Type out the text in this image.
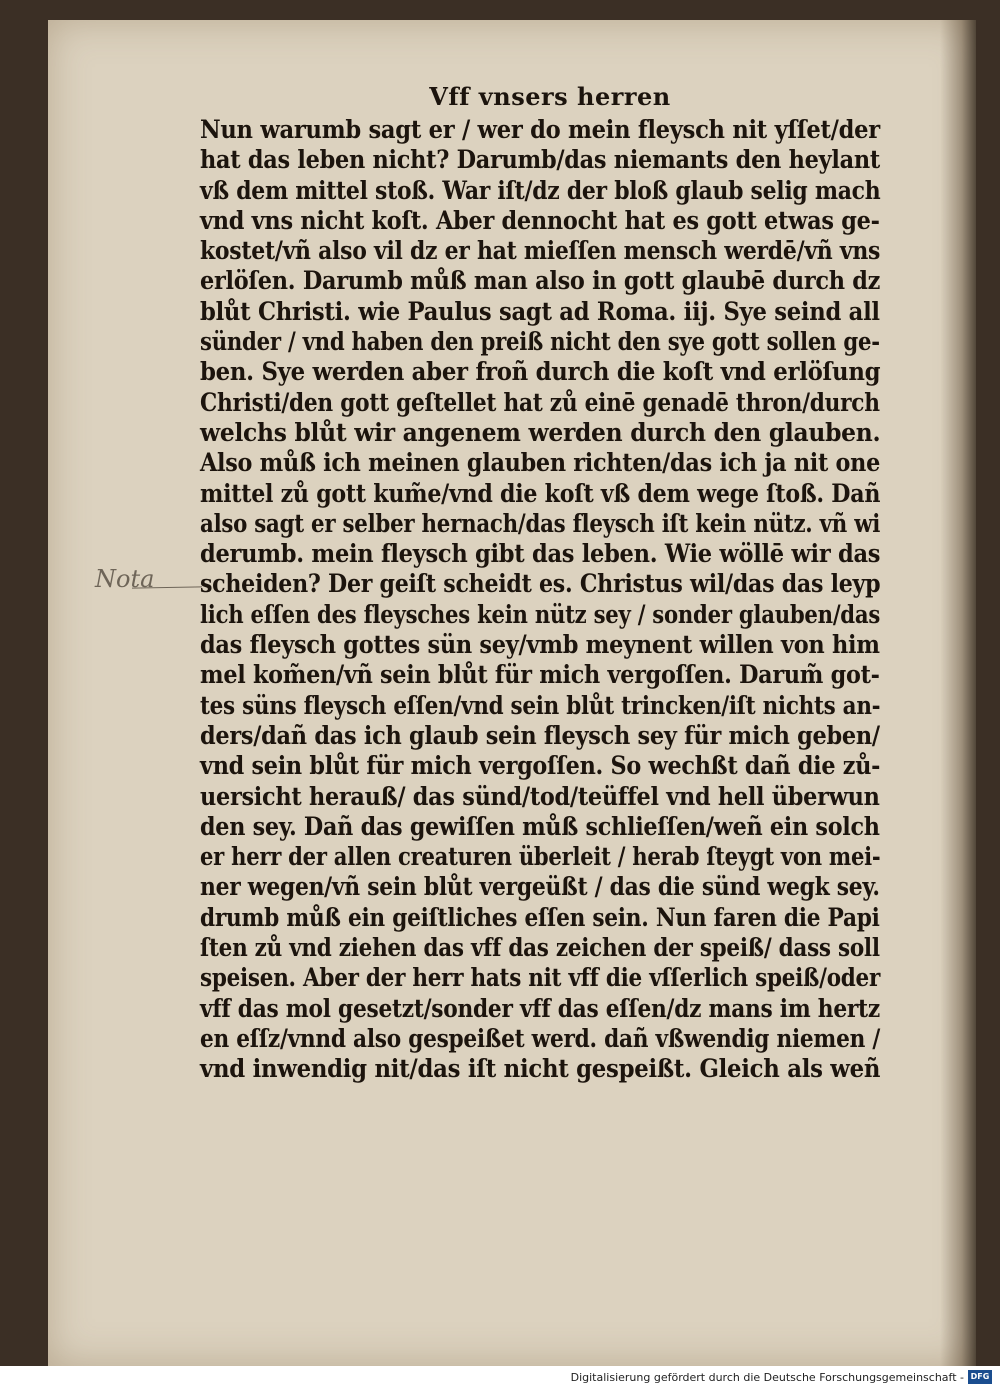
Nota
Vff vnsers herren
Nun warumb sagt er / wer do mein fleysch nit yſſet/der
hat das leben nicht? Darumb/das niemants den heylant
vß dem mittel stoß. War iſt/dz der bloß glaub selig mach
vnd vns nicht koſt. Aber dennocht hat es gott etwas ge-
kostet/vñ also vil dz er hat mieſſen mensch werdē/vñ vns
erlöſen. Darumb můß man also in gott glaubē durch dz
blůt Christi. wie Paulus sagt ad Roma. iij. Sye seind all
sünder / vnd haben den preiß nicht den sye gott sollen ge-
ben. Sye werden aber froñ durch die koſt vnd erlöſung
Christi/den gott geſtellet hat zů einē genadē thron/durch
welchs blůt wir angenem werden durch den glauben.
Also můß ich meinen glauben richten/das ich ja nit one
mittel zů gott kum̃e/vnd die koſt vß dem wege ſtoß. Dañ
also sagt er selber hernach/das fleysch iſt kein nütz. vñ wi
derumb. mein fleysch gibt das leben. Wie wöllē wir das
scheiden? Der geiſt scheidt es. Christus wil/das das leyp
lich eſſen des fleysches kein nütz sey / sonder glauben/das
das fleysch gottes sün sey/vmb meynent willen von him
mel kom̃en/vñ sein blůt für mich vergoſſen. Darum̃ got-
tes süns fleysch eſſen/vnd sein blůt trincken/iſt nichts an-
ders/dañ das ich glaub sein fleysch sey für mich geben/
vnd sein blůt für mich vergoſſen. So wechßt dañ die zů-
uersicht herauß/ das sünd/tod/teüffel vnd hell überwun
den sey. Dañ das gewiſſen můß schlieſſen/weñ ein solch
er herr der allen creaturen überleit / herab ſteygt von mei-
ner wegen/vñ sein blůt vergeüßt / das die sünd wegk sey.
drumb můß ein geiſtliches eſſen sein. Nun faren die Papi
ſten zů vnd ziehen das vff das zeichen der speiß/ dass soll
speisen. Aber der herr hats nit vff die vſſerlich speiß/oder
vff das mol gesetzt/sonder vff das eſſen/dz mans im hertz
en eſſz/vnnd also gespeißet werd. dañ vßwendig niemen /
vnd inwendig nit/das iſt nicht gespeißt. Gleich als weñ
Digitalisierung gefördert durch die Deutsche Forschungsgemeinschaft - DFG
